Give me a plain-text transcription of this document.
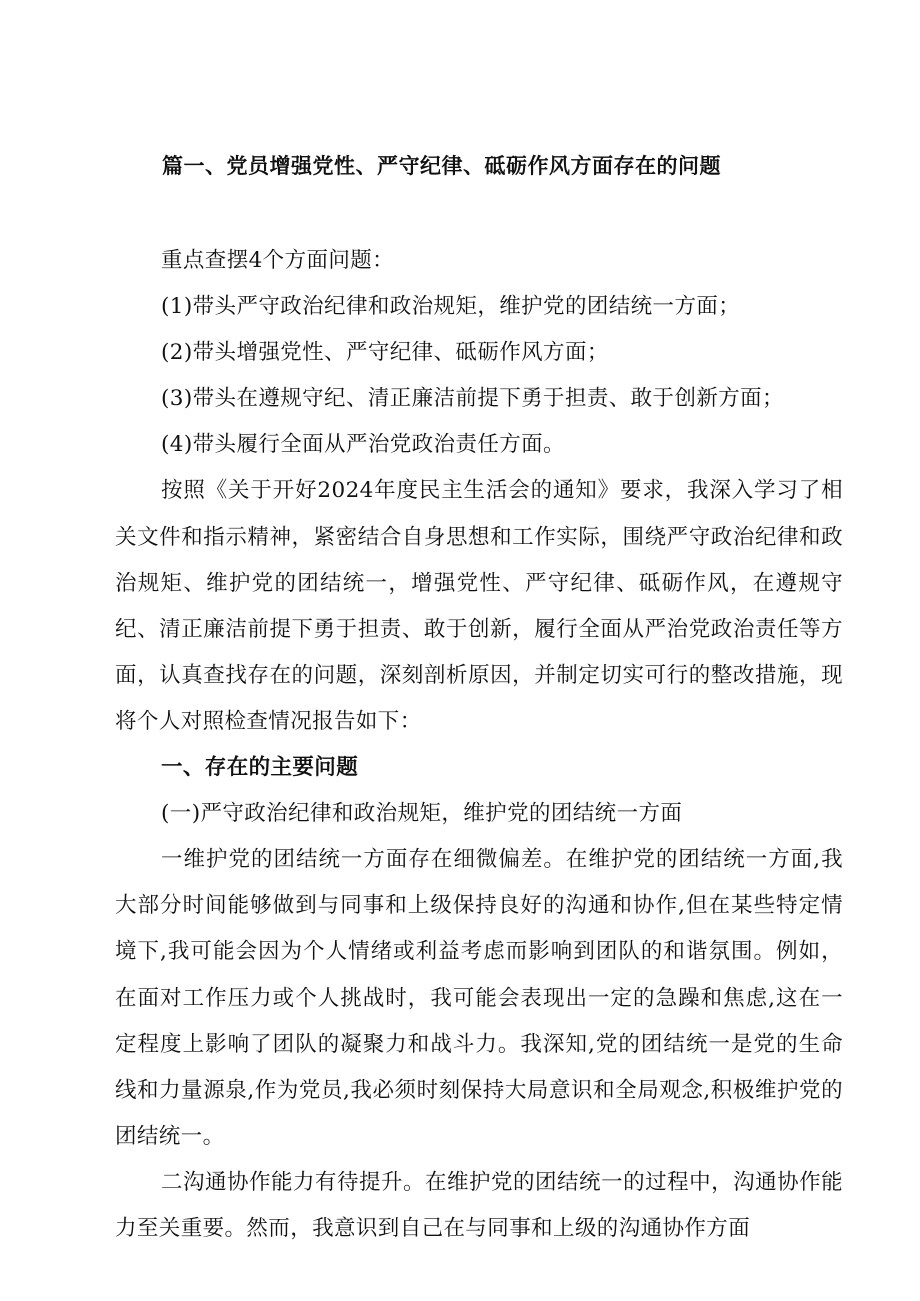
篇一、党员增强党性、严守纪律、砥砺作风方面存在的问题

重点查摆4个方面问题：

(1)带头严守政治纪律和政治规矩，维护党的团结统一方面；

(2)带头增强党性、严守纪律、砥砺作风方面；

(3)带头在遵规守纪、清正廉洁前提下勇于担责、敢于创新方面；

(4)带头履行全面从严治党政治责任方面。

按照《关于开好2024年度民主生活会的通知》要求，我深入学习了相关文件和指示精神，紧密结合自身思想和工作实际，围绕严守政治纪律和政治规矩、维护党的团结统一，增强党性、严守纪律、砥砺作风，在遵规守纪、清正廉洁前提下勇于担责、敢于创新，履行全面从严治党政治责任等方面，认真查找存在的问题，深刻剖析原因，并制定切实可行的整改措施，现将个人对照检查情况报告如下：

一、存在的主要问题

(一)严守政治纪律和政治规矩，维护党的团结统一方面

一维护党的团结统一方面存在细微偏差。在维护党的团结统一方面,我大部分时间能够做到与同事和上级保持良好的沟通和协作,但在某些特定情境下,我可能会因为个人情绪或利益考虑而影响到团队的和谐氛围。例如，在面对工作压力或个人挑战时，我可能会表现出一定的急躁和焦虑,这在一定程度上影响了团队的凝聚力和战斗力。我深知,党的团结统一是党的生命线和力量源泉,作为党员,我必须时刻保持大局意识和全局观念,积极维护党的团结统一。

二沟通协作能力有待提升。在维护党的团结统一的过程中，沟通协作能力至关重要。然而，我意识到自己在与同事和上级的沟通协作方面
